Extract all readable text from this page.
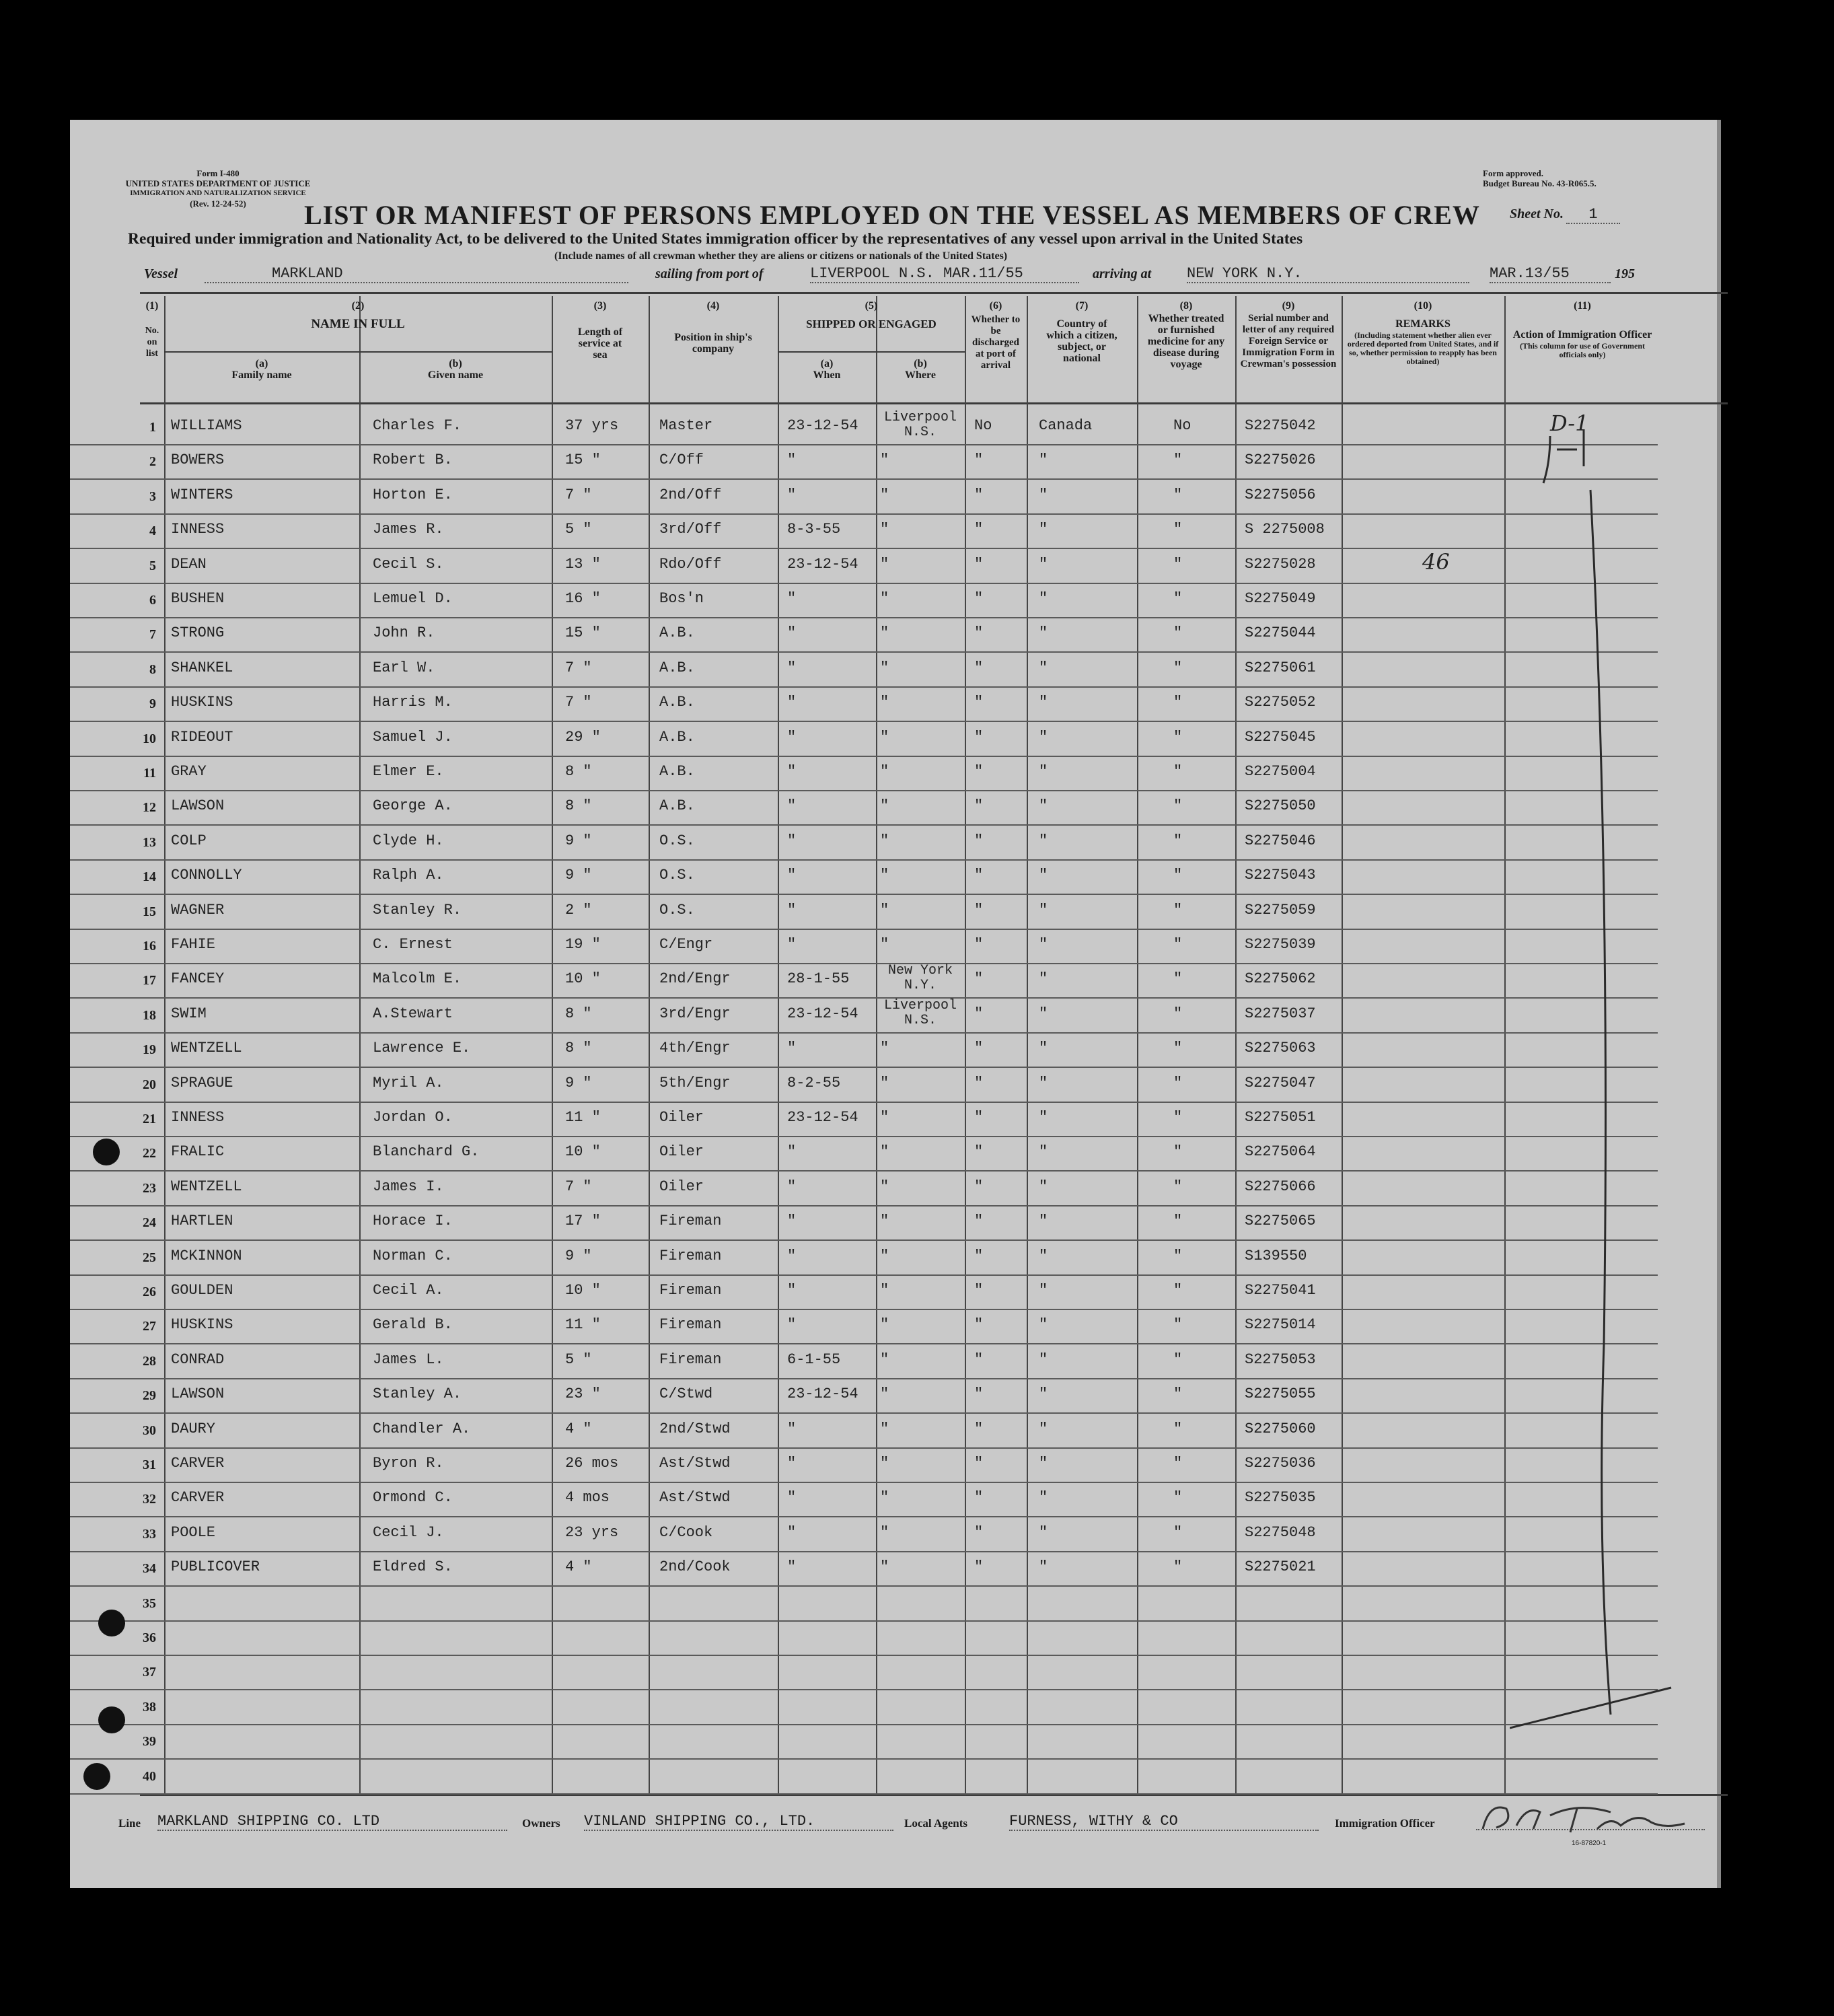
Form I-480
UNITED STATES DEPARTMENT OF JUSTICE
IMMIGRATION AND NATURALIZATION SERVICE
(Rev. 12-24-52)
Form approved.
Budget Bureau No. 43-R065.5.
LIST OR MANIFEST OF PERSONS EMPLOYED ON THE VESSEL AS MEMBERS OF CREW Sheet No. 1
Required under immigration and Nationality Act, to be delivered to the United States immigration officer by the representatives of any vessel upon arrival in the United States
(Include names of all crewman whether they are aliens or citizens or nationals of the United States)
Vessel	MARKLAND	sailing from port of	LIVERPOOL N.S. MAR.11/55	arriving at NEW YORK N.Y.	MAR.13/55	195
(1)
No. on list
(2)
NAME IN FULL
(a)
Family name
(b)
Given name
(3)
Length of service at sea
(4)
Position in ship's company
(5)
SHIPPED OR ENGAGED
(a)
When
(b)
Where
(6)
Whether to be discharged at port of arrival
(7)
Country of which a citizen, subject, or national
(8)
Whether treated or furnished medicine for any disease during voyage
(9)
Serial number and letter of any required Foreign Service or Immigration Form in Crewman's possession
(10)
REMARKS
(Including statement whether alien ever ordered deported from United States, and if so, whether permission to reapply has been obtained)
(11)
Action of Immigration Officer
(This column for use of Government officials only)
1 WILLIAMS	Charles F.	37 yrs	Master	23-12-54 Liverpool N.S.	No	Canada	No	S2275042	D-1
2 BOWERS	Robert B.	15 "	C/Off	"	"	"	"	"	S2275026
3 WINTERS	Horton E.	7 "	2nd/Off	"	"	"	"	"	S2275056
4 INNESS	James R.	5 "	3rd/Off	8-3-55	"	"	"	"	S 2275008
5 DEAN	Cecil S.	13 "	Rdo/Off	23-12-54 "	"	"	"	S2275028	46
6 BUSHEN	Lemuel D.	16 "	Bos'n	"	"	"	"	"	S2275049
7 STRONG	John R.	15 "	A.B.	"	"	"	"	"	S2275044
8 SHANKEL	Earl W.	7 "	A.B.	"	"	"	"	"	S2275061
9 HUSKINS	Harris M.	7 "	A.B.	"	"	"	"	"	S2275052
10 RIDEOUT	Samuel J.	29 "	A.B.	"	"	"	"	"	S2275045
11 GRAY	Elmer E.	8 "	A.B.	"	"	"	"	"	S2275004
12 LAWSON	George A.	8 "	A.B.	"	"	"	"	"	S2275050
13 COLP	Clyde H.	9 "	O.S.	"	"	"	"	"	S2275046
14 CONNOLLY	Ralph A.	9 "	O.S.	"	"	"	"	"	S2275043
15 WAGNER	Stanley R.	2 "	O.S.	"	"	"	"	"	S2275059
16 FAHIE	C. Ernest	19 "	C/Engr	"	"	"	"	"	S2275039
17 FANCEY	Malcolm E.	10 "	2nd/Engr	28-1-55	New York N.Y.	"	"	"	S2275062
18 SWIM	A.Stewart	8 "	3rd/Engr	23-12-54 Liverpool N.S.	"	"	"	S2275037
19 WENTZELL	Lawrence E.	8 "	4th/Engr	"	"	"	"	"	S2275063
20 SPRAGUE	Myril A.	9 "	5th/Engr	8-2-55	"	"	"	"	S2275047
21 INNESS	Jordan O.	11 "	Oiler	23-12-54 "	"	"	"	S2275051
22 FRALIC	Blanchard G.	10 "	Oiler	"	"	"	"	"	S2275064
23 WENTZELL	James I.	7 "	Oiler	"	"	"	"	"	S2275066
24 HARTLEN	Horace I.	17 "	Fireman	"	"	"	"	"	S2275065
25 MCKINNON	Norman C.	9 "	Fireman	"	"	"	"	"	S139550
26 GOULDEN	Cecil A.	10 "	Fireman	"	"	"	"	"	S2275041
27 HUSKINS	Gerald B.	11 "	Fireman	"	"	"	"	"	S2275014
28 CONRAD	James L.	5 "	Fireman	6-1-55	"	"	"	"	S2275053
29 LAWSON	Stanley A.	23 "	C/Stwd	23-12-54 "	"	"	"	S2275055
30 DAURY	Chandler A.	4 "	2nd/Stwd	"	"	"	"	"	S2275060
31 CARVER	Byron R.	26 mos	Ast/Stwd	"	"	"	"	"	S2275036
32 CARVER	Ormond C.	4 mos	Ast/Stwd	"	"	"	"	"	S2275035
33 POOLE	Cecil J.	23 yrs	C/Cook	"	"	"	"	"	S2275048
34 PUBLICOVER	Eldred S.	4 "	2nd/Cook	"	"	"	"	"	S2275021
35
36
37
38
39
40
Line MARKLAND SHIPPING CO. LTD	Owners VINLAND SHIPPING CO., LTD.	Local Agents	FURNESS, WITHY & CO	Immigration Officer
16-87820-1
